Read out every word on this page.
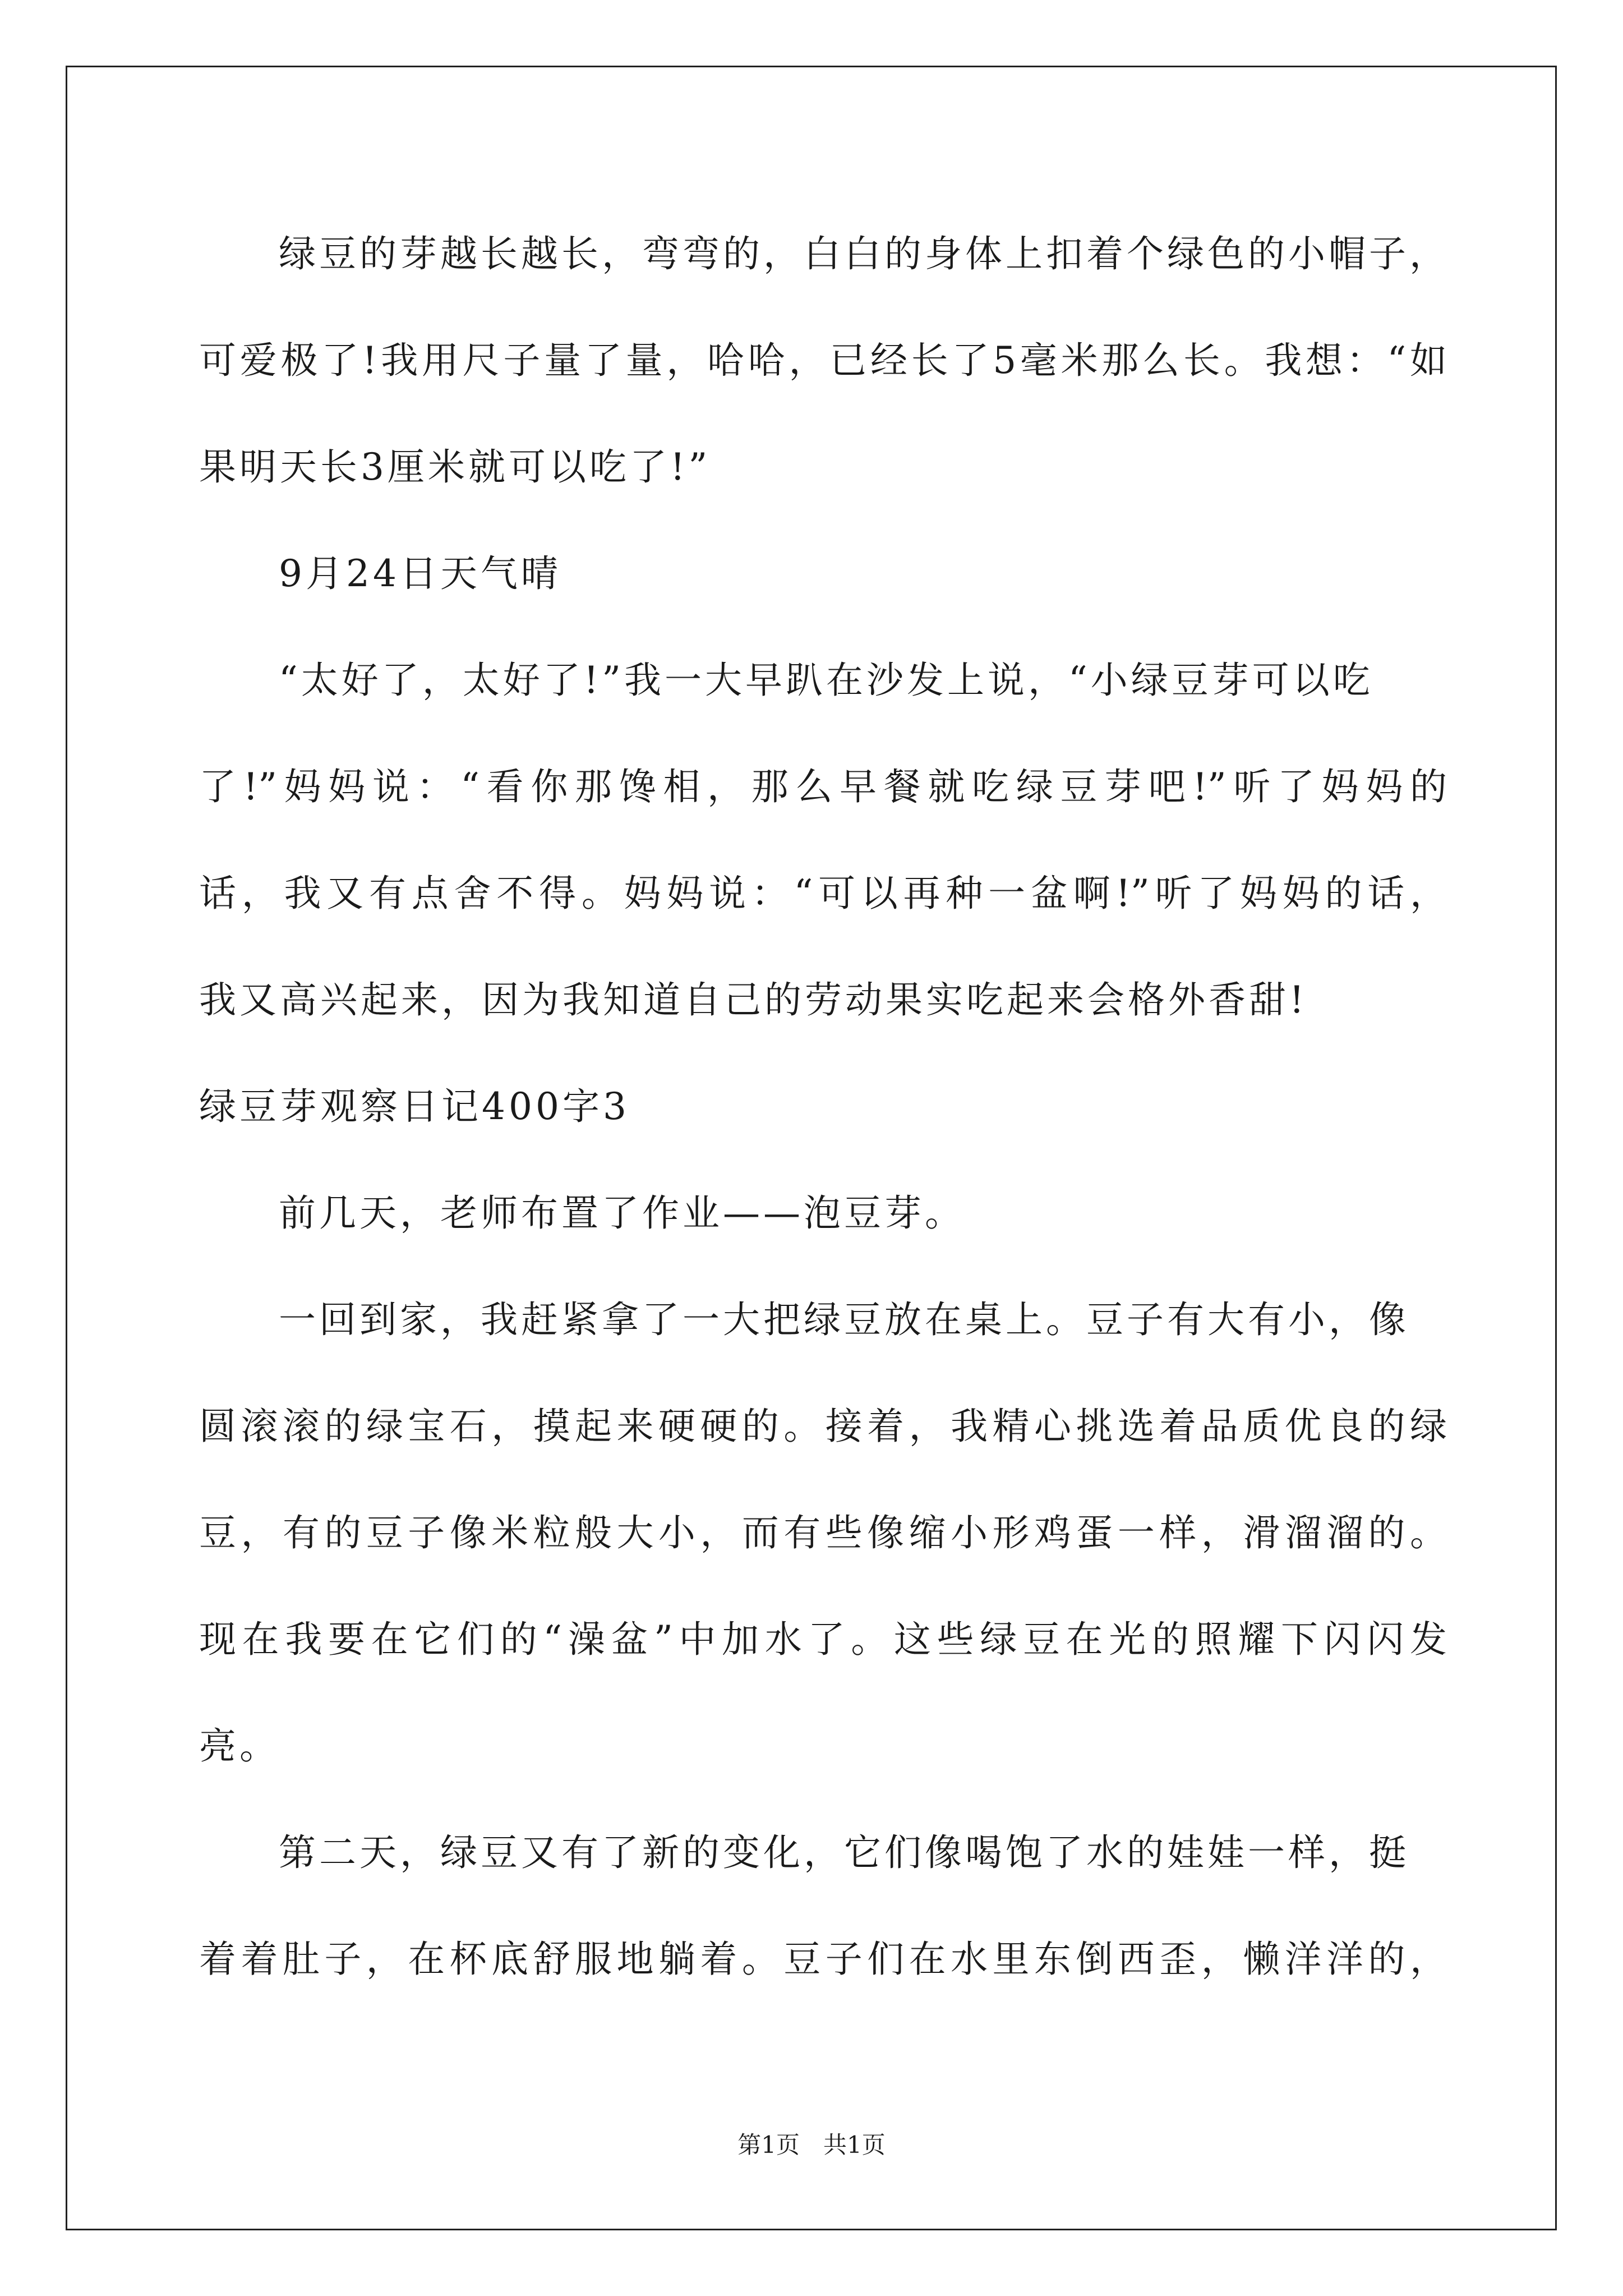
绿豆的芽越长越长，弯弯的，白白的身体上扣着个绿色的小帽子，
可爱极了!我用尺子量了量，哈哈，已经长了5毫米那么长。我想：“如
果明天长3厘米就可以吃了!”
9月24日天气晴
“太好了，太好了!”我一大早趴在沙发上说，“小绿豆芽可以吃
了!”妈妈说：“看你那馋相，那么早餐就吃绿豆芽吧!”听了妈妈的
话，我又有点舍不得。妈妈说：“可以再种一盆啊!”听了妈妈的话，
我又高兴起来，因为我知道自己的劳动果实吃起来会格外香甜!
绿豆芽观察日记400字3
前几天，老师布置了作业——泡豆芽。
一回到家，我赶紧拿了一大把绿豆放在桌上。豆子有大有小，像
圆滚滚的绿宝石，摸起来硬硬的。接着，我精心挑选着品质优良的绿
豆，有的豆子像米粒般大小，而有些像缩小形鸡蛋一样，滑溜溜的。
现在我要在它们的“澡盆”中加水了。这些绿豆在光的照耀下闪闪发
亮。
第二天，绿豆又有了新的变化，它们像喝饱了水的娃娃一样，挺
着着肚子，在杯底舒服地躺着。豆子们在水里东倒西歪，懒洋洋的，
第1页　共1页
